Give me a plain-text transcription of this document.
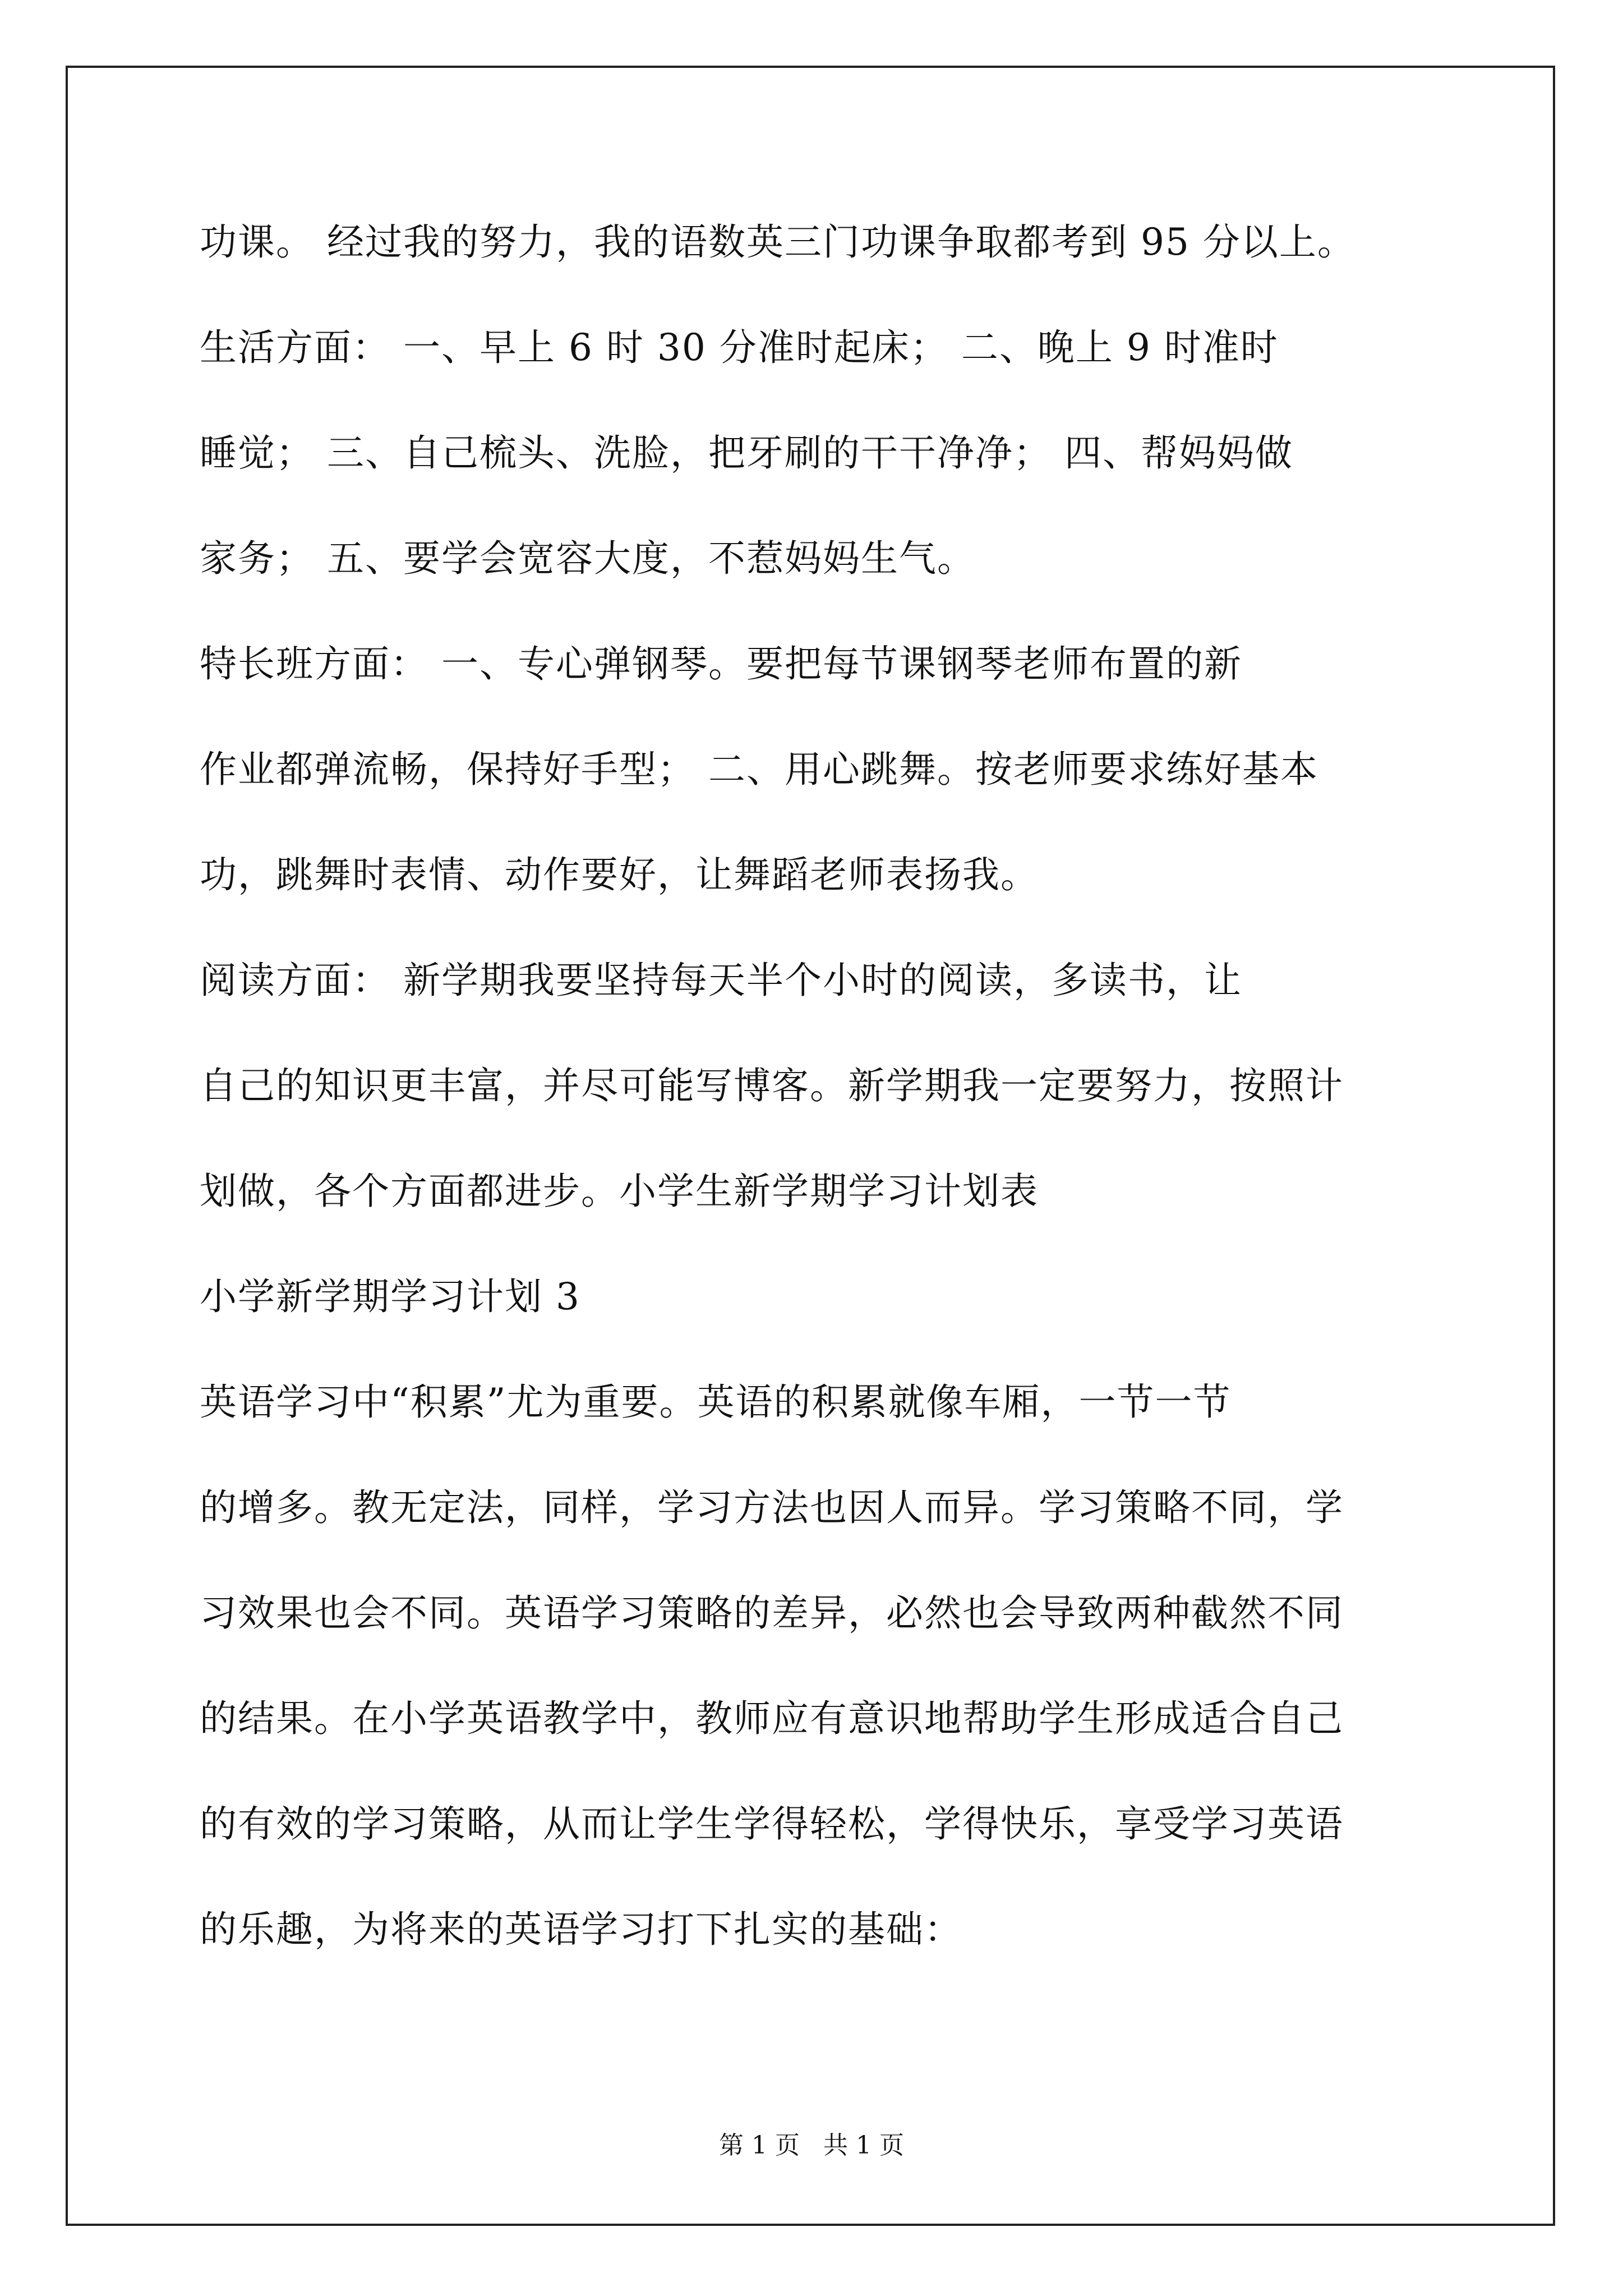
功课。 经过我的努力，我的语数英三门功课争取都考到 95 分以上。
生活方面： 一、早上 6 时 30 分准时起床； 二、晚上 9 时准时
睡觉； 三、自己梳头、洗脸，把牙刷的干干净净； 四、帮妈妈做
家务； 五、要学会宽容大度，不惹妈妈生气。
特长班方面： 一、专心弹钢琴。要把每节课钢琴老师布置的新
作业都弹流畅，保持好手型； 二、用心跳舞。按老师要求练好基本
功，跳舞时表情、动作要好，让舞蹈老师表扬我。
阅读方面： 新学期我要坚持每天半个小时的阅读，多读书，让
自己的知识更丰富，并尽可能写博客。新学期我一定要努力，按照计
划做，各个方面都进步。小学生新学期学习计划表
小学新学期学习计划 3
英语学习中“积累”尤为重要。英语的积累就像车厢，一节一节
的增多。教无定法，同样，学习方法也因人而异。学习策略不同，学
习效果也会不同。英语学习策略的差异，必然也会导致两种截然不同
的结果。在小学英语教学中，教师应有意识地帮助学生形成适合自己
的有效的学习策略，从而让学生学得轻松，学得快乐，享受学习英语
的乐趣，为将来的英语学习打下扎实的基础：
第 1 页   共 1 页
